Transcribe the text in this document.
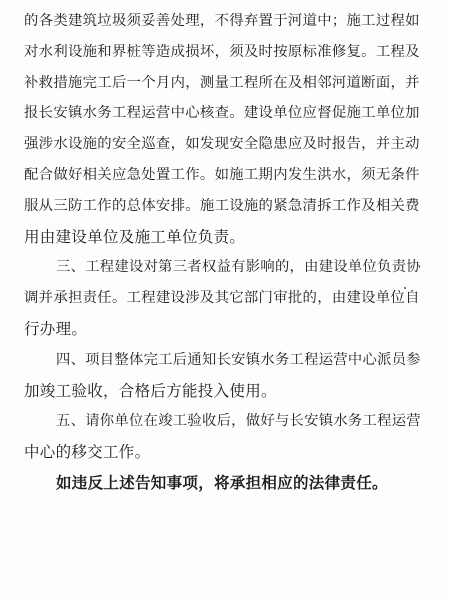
的各类建筑垃圾须妥善处理，不得弃置于河道中；施工过程如
对水利设施和界桩等造成损坏，须及时按原标准修复。工程及
补救措施完工后一个月内，测量工程所在及相邻河道断面，并
报长安镇水务工程运营中心核查。建设单位应督促施工单位加
强涉水设施的安全巡查，如发现安全隐患应及时报告，并主动
配合做好相关应急处置工作。如施工期内发生洪水，须无条件
服从三防工作的总体安排。施工设施的紧急清拆工作及相关费
用由建设单位及施工单位负责。
三、工程建设对第三者权益有影响的，由建设单位负责协
调并承担责任。工程建设涉及其它部门审批的，由建设单位自
行办理。
四、项目整体完工后通知长安镇水务工程运营中心派员参
加竣工验收，合格后方能投入使用。
五、请你单位在竣工验收后，做好与长安镇水务工程运营
中心的移交工作。
如违反上述告知事项，将承担相应的法律责任。
